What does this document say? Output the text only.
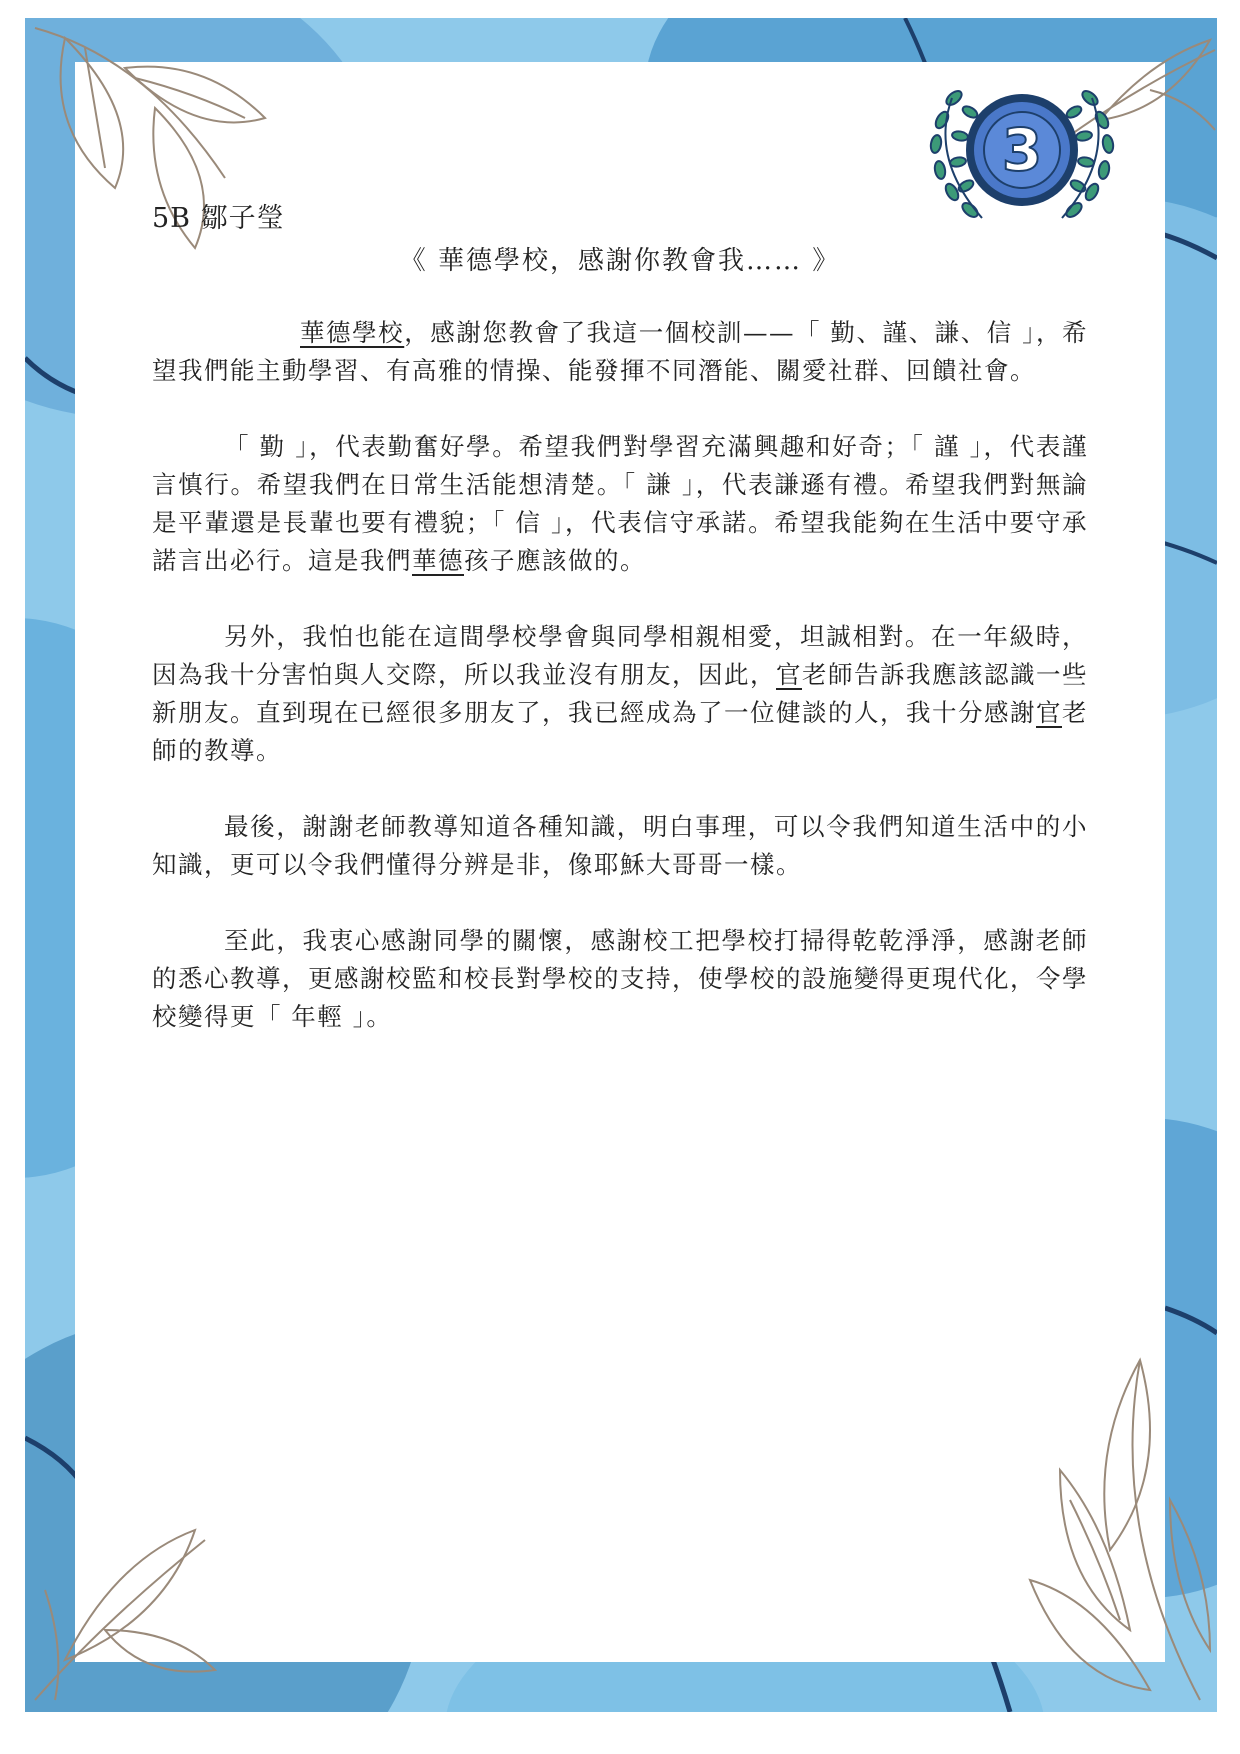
3
5B 鄒子瑩
《 華德學校，感謝你教會我…… 》

華德學校，感謝您教會了我這一個校訓——「 勤、謹、謙、信 」，希望我們能主動學習、有高雅的情操、能發揮不同潛能、關愛社群、回饋社會。

「 勤 」，代表勤奮好學。希望我們對學習充滿興趣和好奇；「 謹 」，代表謹言慎行。希望我們在日常生活能想清楚。「 謙 」，代表謙遜有禮。希望我們對無論是平輩還是長輩也要有禮貌；「 信 」，代表信守承諾。希望我能夠在生活中要守承諾言出必行。這是我們華德孩子應該做的。

另外，我怕也能在這間學校學會與同學相親相愛，坦誠相對。在一年級時，因為我十分害怕與人交際，所以我並沒有朋友，因此，官老師告訴我應該認識一些新朋友。直到現在已經很多朋友了，我已經成為了一位健談的人，我十分感謝官老師的教導。

最後，謝謝老師教導知道各種知識，明白事理，可以令我們知道生活中的小知識，更可以令我們懂得分辨是非，像耶穌大哥哥一樣。

至此，我衷心感謝同學的關懷，感謝校工把學校打掃得乾乾淨淨，感謝老師的悉心教導，更感謝校監和校長對學校的支持，使學校的設施變得更現代化，令學校變得更「 年輕 」。
